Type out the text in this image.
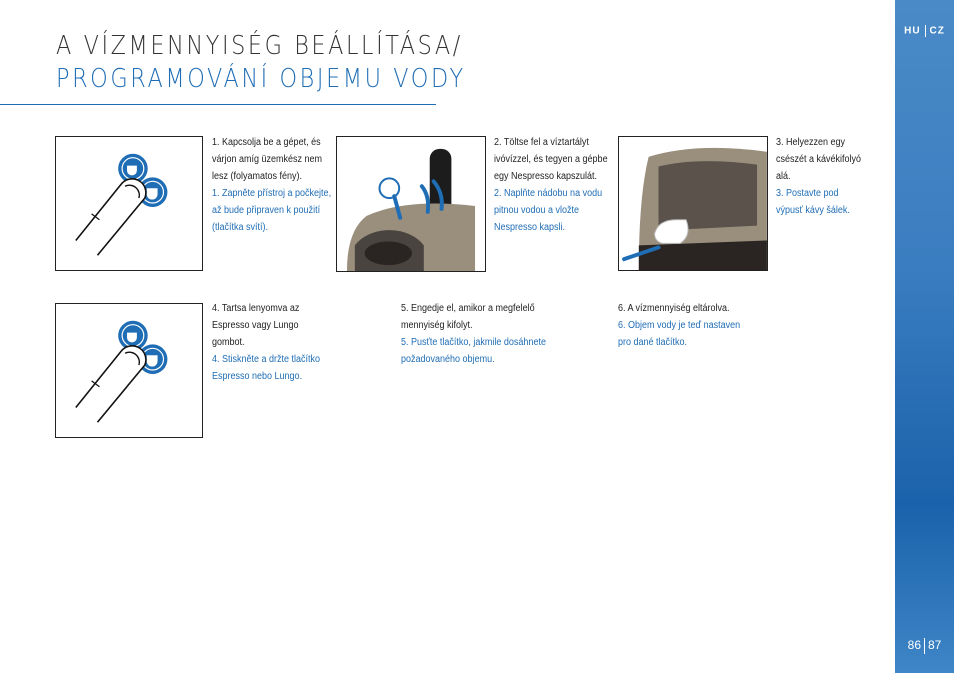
A VÍZMENNYISÉG BEÁLLÍTÁSA/
PROGRAMOVÁNÍ OBJEMU VODY
HU CZ
86 87
1. Kapcsolja be a gépet, és várjon amíg üzemkész nem lesz (folyamatos fény).
1. Zapněte přístroj a počkejte, až bude připraven k použití (tlačítka svítí).
2. Töltse fel a víztartályt ivóvízzel, és tegyen a gépbe egy Nespresso kapszulát.
2. Naplňte nádobu na vodu pitnou vodou a vložte Nespresso kapsli.
3. Helyezzen egy csészét a kávékifolyó alá.
3. Postavte pod výpusť kávy šálek.
4. Tartsa lenyomva az Espresso vagy Lungo gombot.
4. Stiskněte a držte tlačítko Espresso nebo Lungo.
5. Engedje el, amikor a megfelelő mennyiség kifolyt.
5. Pusťte tlačítko, jakmile dosáhnete požadovaného objemu.
6. A vízmennyiség eltárolva.
6. Objem vody je teď nastaven pro dané tlačítko.
